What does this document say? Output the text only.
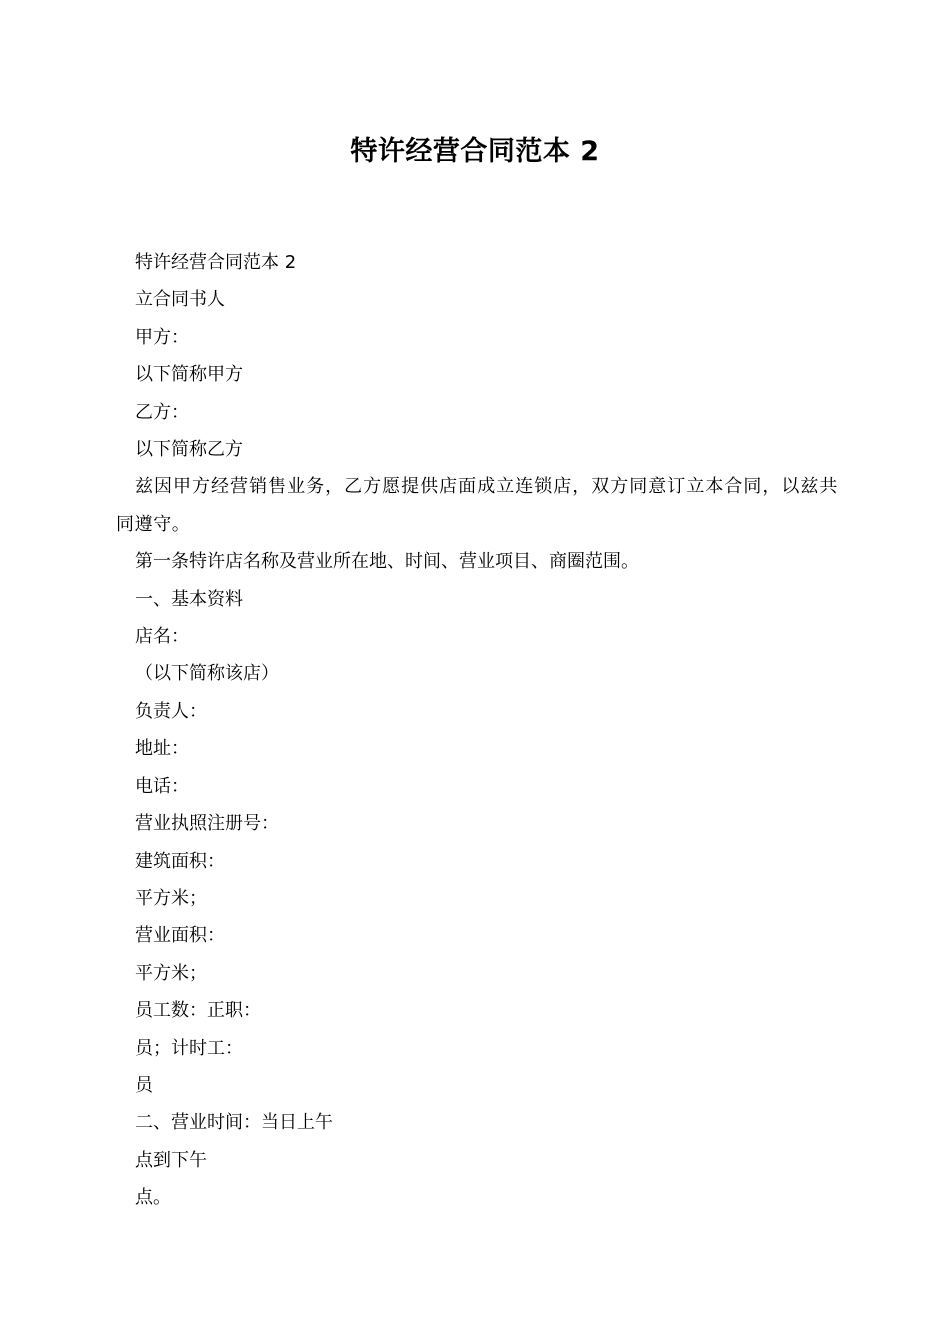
特许经营合同范本 2

特许经营合同范本 2

立合同书人

甲方：

以下简称甲方

乙方：

以下简称乙方

兹因甲方经营销售业务，乙方愿提供店面成立连锁店，双方同意订立本合同，以兹共同遵守。

第一条特许店名称及营业所在地、时间、营业项目、商圈范围。

一、基本资料

店名：

（以下简称该店）

负责人：

地址：

电话：

营业执照注册号：

建筑面积：

平方米；

营业面积：

平方米；

员工数：正职：

员；计时工：

员

二、营业时间：当日上午

点到下午

点。
